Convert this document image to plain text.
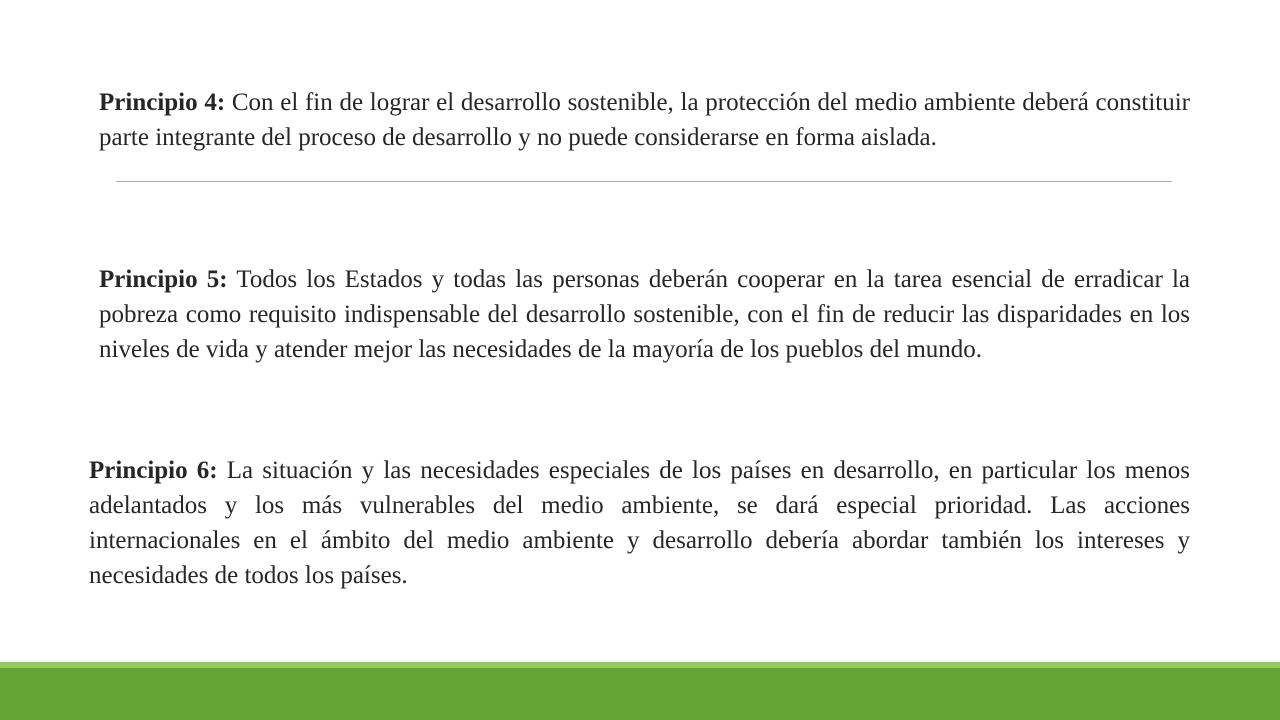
Principio 4: Con el fin de lograr el desarrollo sostenible, la protección del medio ambiente deberá constituir parte integrante del proceso de desarrollo y no puede considerarse en forma aislada.

Principio 5: Todos los Estados y todas las personas deberán cooperar en la tarea esencial de erradicar la pobreza como requisito indispensable del desarrollo sostenible, con el fin de reducir las disparidades en los niveles de vida y atender mejor las necesidades de la mayoría de los pueblos del mundo.

Principio 6: La situación y las necesidades especiales de los países en desarrollo, en particular los menos adelantados y los más vulnerables del medio ambiente, se dará especial prioridad. Las acciones internacionales en el ámbito del medio ambiente y desarrollo debería abordar también los intereses y necesidades de todos los países.
